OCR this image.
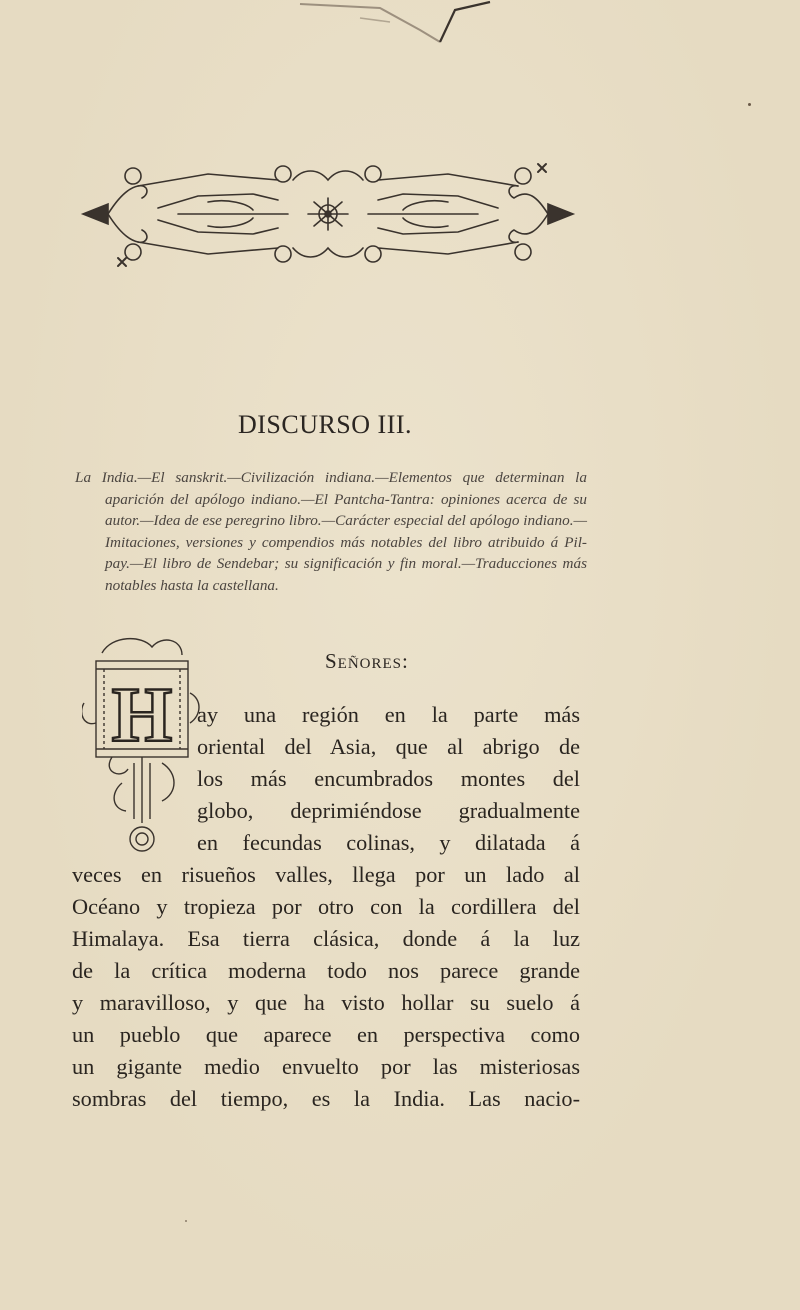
DISCURSO III.

La India.—El sanskrit.—Civilización indiana.—Elementos que determinan la aparición del apólogo indiano.—El Pantcha-Tantra: opiniones acerca de su autor.—Idea de ese peregrino libro.—Carácter especial del apólogo indiano.—Imitaciones, versiones y compendios más notables del libro atribuido á Pil-pay.—El libro de Sendebar; su significación y fin moral.—Traducciones más notables hasta la castellana.

H
Señores:
ay una región en la parte más
oriental del Asia, que al abrigo de
los más encumbrados montes del
globo, deprimiéndose gradualmente
en fecundas colinas, y dilatada á
veces en risueños valles, llega por un lado al
Océano y tropieza por otro con la cordillera del
Himalaya. Esa tierra clásica, donde á la luz
de la crítica moderna todo nos parece grande
y maravilloso, y que ha visto hollar su suelo á
un pueblo que aparece en perspectiva como
un gigante medio envuelto por las misteriosas
sombras del tiempo, es la India. Las nacio-
